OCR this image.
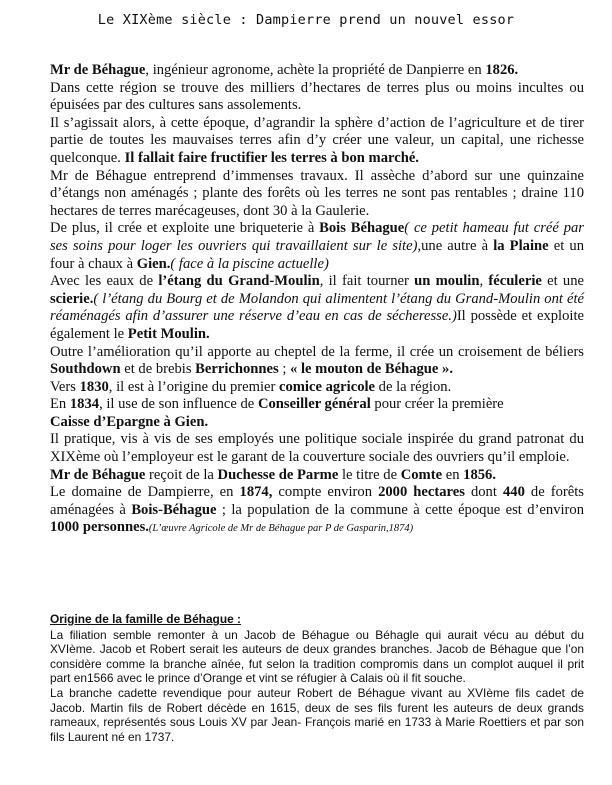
Le XIXème siècle : Dampierre prend un nouvel essor

Mr de Béhague, ingénieur agronome, achète la propriété de Danpierre en 1826.
Dans cette région se trouve des milliers d’hectares de terres plus ou moins incultes ou épuisées par des cultures sans assolements.

Il s’agissait alors, à cette époque, d’agrandir la sphère d’action de l’agriculture et de tirer partie de toutes les mauvaises terres afin d’y créer une valeur, un capital, une richesse quelconque. Il fallait faire fructifier les terres à bon marché.

Mr de Béhague entreprend d’immenses travaux. Il assèche d’abord sur une quinzaine d’étangs non aménagés ; plante des forêts où les terres ne sont pas rentables ; draine 110 hectares de terres marécageuses, dont 30 à la Gaulerie.

De plus, il crée et exploite une briqueterie à Bois Béhague( ce petit hameau fut créé par ses soins pour loger les ouvriers qui travaillaient sur le site),une autre à la Plaine et un four à chaux à Gien.( face à la piscine actuelle)

Avec les eaux de l’étang du Grand-Moulin, il fait tourner un moulin, féculerie et une scierie.( l’étang du Bourg et de Molandon qui alimentent l’étang du Grand-Moulin ont été réaménagés afin d’assurer une réserve d’eau en cas de sécheresse.)Il possède et exploite également le Petit Moulin.

Outre l’amélioration qu’il apporte au cheptel de la ferme, il crée un croisement de béliers Southdown et de brebis Berrichonnes ; « le mouton de Béhague ».

Vers 1830, il est à l’origine du premier comice agricole de la région.

En 1834, il use de son influence de Conseiller général pour créer la première
Caisse d’Epargne à Gien.

Il pratique, vis à vis de ses employés une politique sociale inspirée du grand patronat du XIXème où l’employeur est le garant de la couverture sociale des ouvriers qu’il emploie.

Mr de Béhague reçoit de la Duchesse de Parme le titre de Comte en 1856.

Le domaine de Dampierre, en 1874, compte environ 2000 hectares dont 440 de forêts aménagées à Bois-Béhague ; la population de la commune à cette époque est d’environ 1000 personnes.(L’œuvre Agricole de Mr de Béhague par P de Gasparin,1874)

Origine de la famille de Béhague :

La filiation semble remonter à un Jacob de Béhague ou Béhagle qui aurait vécu au début du XVIème. Jacob et Robert serait les auteurs de deux grandes branches. Jacob de Béhague que l’on considère comme la branche aînée, fut selon la tradition compromis dans un complot auquel il prit part en1566 avec le prince d’Orange et vint se réfugier à Calais où il fit souche.

La branche cadette revendique pour auteur Robert de Béhague vivant au XVIème fils cadet de Jacob. Martin fils de Robert décède en 1615, deux de ses fils furent les auteurs de deux grands rameaux, représentés sous Louis XV par Jean- François marié en 1733 à Marie Roettiers et par son fils Laurent né en 1737.
